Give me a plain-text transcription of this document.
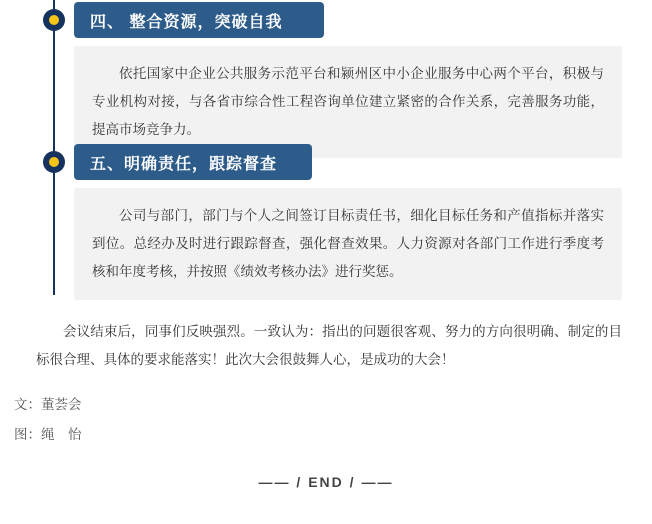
四、 整合资源，突破自我

依托国家中企业公共服务示范平台和颍州区中小企业服务中心两个平台，积极与专业机构对接，与各省市综合性工程咨询单位建立紧密的合作关系，完善服务功能，提高市场竞争力。

五、明确责任，跟踪督查

公司与部门，部门与个人之间签订目标责任书，细化目标任务和产值指标并落实到位。总经办及时进行跟踪督查，强化督查效果。人力资源对各部门工作进行季度考核和年度考核，并按照《绩效考核办法》进行奖惩。

会议结束后，同事们反映强烈。一致认为：指出的问题很客观、努力的方向很明确、制定的目标很合理、具体的要求能落实！此次大会很鼓舞人心，是成功的大会！

文：董荟会
图：绳　怡
—— / END / ——
